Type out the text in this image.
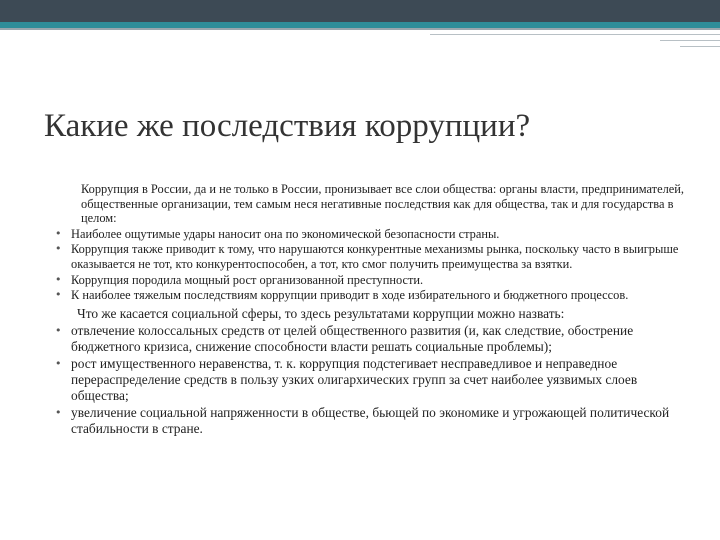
Какие же последствия коррупции?
Коррупция в России, да и не только в России, пронизывает все слои общества: органы власти, предпринимателей, общественные организации, тем самым неся негативные последствия как для общества, так и для государства в целом:
• Наиболее ощутимые удары наносит она по экономической безопасности страны.
• Коррупция также приводит к тому, что нарушаются конкурентные механизмы рынка, поскольку часто в выигрыше оказывается не тот, кто конкурентоспособен, а тот, кто смог получить преимущества за взятки.
• Коррупция породила мощный рост организованной преступности.
• К наиболее тяжелым последствиям коррупции приводит в ходе избирательного и бюджетного процессов.
Что же касается социальной сферы, то здесь результатами коррупции можно назвать:
• отвлечение колоссальных средств от целей общественного развития (и, как следствие, обострение бюджетного кризиса, снижение способности власти решать социальные проблемы);
• рост имущественного неравенства, т. к. коррупция подстегивает несправедливое и неправедное перераспределение средств в пользу узких олигархических групп за счет наиболее уязвимых слоев общества;
• увеличение социальной напряженности в обществе, бьющей по экономике и угрожающей политической стабильности в стране.
